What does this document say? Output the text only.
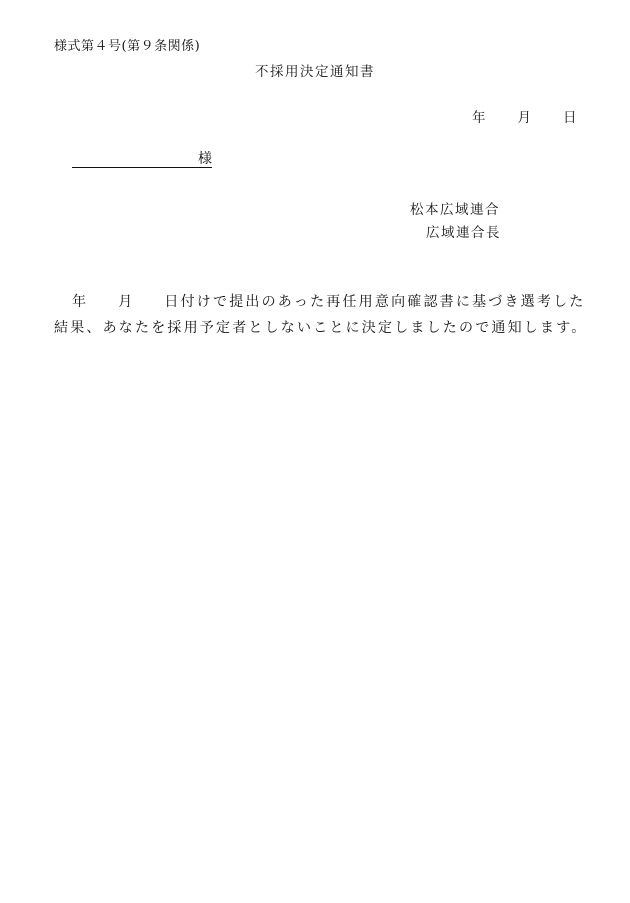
様式第４号(第９条関係)
不採用決定通知書
年 月 日
様
松本広域連合
広域連合長
年 月 日付けで提出のあった再任用意向確認書に基づき選考した
結果、あなたを採用予定者としないことに決定しましたので通知します。
